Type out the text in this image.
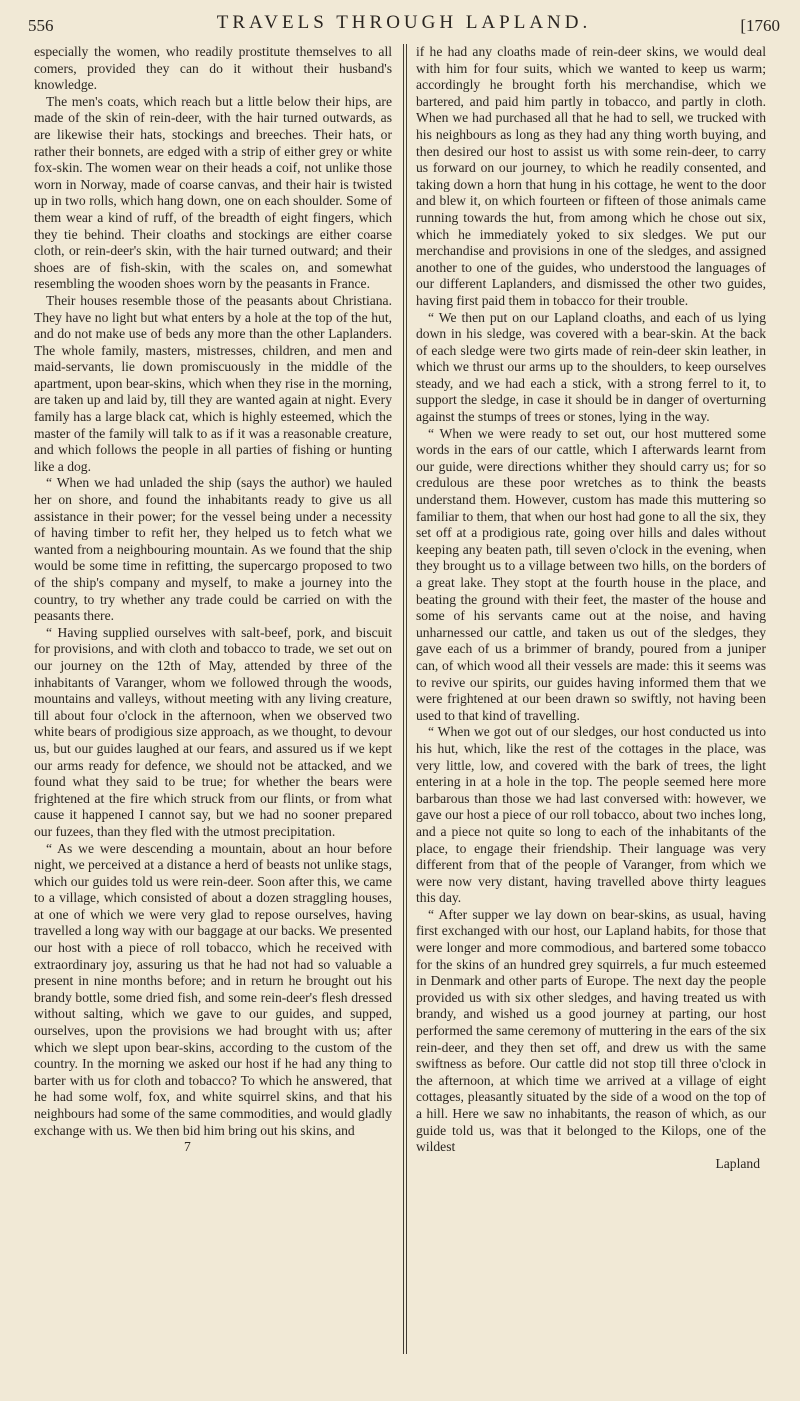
556	TRAVELS THROUGH LAPLAND.	[1760

especially the women, who readily prostitute themselves to all comers, provided they can do it without their husband's knowledge.

The men's coats, which reach but a little below their hips, are made of the skin of rein-deer, with the hair turned outwards, as are likewise their hats, stockings and breeches. Their hats, or rather their bonnets, are edged with a strip of either grey or white fox-skin. The women wear on their heads a coif, not unlike those worn in Norway, made of coarse canvas, and their hair is twisted up in two rolls, which hang down, one on each shoulder. Some of them wear a kind of ruff, of the breadth of eight fingers, which they tie behind. Their cloaths and stockings are either coarse cloth, or rein-deer's skin, with the hair turned outward; and their shoes are of fish-skin, with the scales on, and somewhat resembling the wooden shoes worn by the peasants in France.

Their houses resemble those of the peasants about Christiana. They have no light but what enters by a hole at the top of the hut, and do not make use of beds any more than the other Laplanders. The whole family, masters, mistresses, children, and men and maid-servants, lie down promiscuously in the middle of the apartment, upon bear-skins, which when they rise in the morning, are taken up and laid by, till they are wanted again at night. Every family has a large black cat, which is highly esteemed, which the master of the family will talk to as if it was a reasonable creature, and which follows the people in all parties of fishing or hunting like a dog.

“ When we had unladed the ship (says the author) we hauled her on shore, and found the inhabitants ready to give us all assistance in their power; for the vessel being under a necessity of having timber to refit her, they helped us to fetch what we wanted from a neighbouring mountain. As we found that the ship would be some time in refitting, the supercargo proposed to two of the ship's company and myself, to make a journey into the country, to try whether any trade could be carried on with the peasants there.

“ Having supplied ourselves with salt-beef, pork, and biscuit for provisions, and with cloth and tobacco to trade, we set out on our journey on the 12th of May, attended by three of the inhabitants of Varanger, whom we followed through the woods, mountains and valleys, without meeting with any living creature, till about four o'clock in the afternoon, when we observed two white bears of prodigious size approach, as we thought, to devour us, but our guides laughed at our fears, and assured us if we kept our arms ready for defence, we should not be attacked, and we found what they said to be true; for whether the bears were frightened at the fire which struck from our flints, or from what cause it happened I cannot say, but we had no sooner prepared our fuzees, than they fled with the utmost precipitation.

“ As we were descending a mountain, about an hour before night, we perceived at a distance a herd of beasts not unlike stags, which our guides told us were rein-deer. Soon after this, we came to a village, which consisted of about a dozen straggling houses, at one of which we were very glad to repose ourselves, having travelled a long way with our baggage at our backs. We presented our host with a piece of roll tobacco, which he received with extraordinary joy, assuring us that he had not had so valuable a present in nine months before; and in return he brought out his brandy bottle, some dried fish, and some rein-deer's flesh dressed without salting, which we gave to our guides, and supped, ourselves, upon the provisions we had brought with us; after which we slept upon bear-skins, according to the custom of the country. In the morning we asked our host if he had any thing to barter with us for cloth and tobacco? To which he answered, that he had some wolf, fox, and white squirrel skins, and that his neighbours had some of the same commodities, and would gladly exchange with us. We then bid him bring out his skins, and

7

if he had any cloaths made of rein-deer skins, we would deal with him for four suits, which we wanted to keep us warm; accordingly he brought forth his merchandise, which we bartered, and paid him partly in tobacco, and partly in cloth. When we had purchased all that he had to sell, we trucked with his neighbours as long as they had any thing worth buying, and then desired our host to assist us with some rein-deer, to carry us forward on our journey, to which he readily consented, and taking down a horn that hung in his cottage, he went to the door and blew it, on which fourteen or fifteen of those animals came running towards the hut, from among which he chose out six, which he immediately yoked to six sledges. We put our merchandise and provisions in one of the sledges, and assigned another to one of the guides, who understood the languages of our different Laplanders, and dismissed the other two guides, having first paid them in tobacco for their trouble.

“ We then put on our Lapland cloaths, and each of us lying down in his sledge, was covered with a bear-skin. At the back of each sledge were two girts made of rein-deer skin leather, in which we thrust our arms up to the shoulders, to keep ourselves steady, and we had each a stick, with a strong ferrel to it, to support the sledge, in case it should be in danger of overturning against the stumps of trees or stones, lying in the way.

“ When we were ready to set out, our host muttered some words in the ears of our cattle, which I afterwards learnt from our guide, were directions whither they should carry us; for so credulous are these poor wretches as to think the beasts understand them. However, custom has made this muttering so familiar to them, that when our host had gone to all the six, they set off at a prodigious rate, going over hills and dales without keeping any beaten path, till seven o'clock in the evening, when they brought us to a village between two hills, on the borders of a great lake. They stopt at the fourth house in the place, and beating the ground with their feet, the master of the house and some of his servants came out at the noise, and having unharnessed our cattle, and taken us out of the sledges, they gave each of us a brimmer of brandy, poured from a juniper can, of which wood all their vessels are made: this it seems was to revive our spirits, our guides having informed them that we were frightened at our been drawn so swiftly, not having been used to that kind of travelling.

“ When we got out of our sledges, our host conducted us into his hut, which, like the rest of the cottages in the place, was very little, low, and covered with the bark of trees, the light entering in at a hole in the top. The people seemed here more barbarous than those we had last conversed with: however, we gave our host a piece of our roll tobacco, about two inches long, and a piece not quite so long to each of the inhabitants of the place, to engage their friendship. Their language was very different from that of the people of Varanger, from which we were now very distant, having travelled above thirty leagues this day.

“ After supper we lay down on bear-skins, as usual, having first exchanged with our host, our Lapland habits, for those that were longer and more commodious, and bartered some tobacco for the skins of an hundred grey squirrels, a fur much esteemed in Denmark and other parts of Europe. The next day the people provided us with six other sledges, and having treated us with brandy, and wished us a good journey at parting, our host performed the same ceremony of muttering in the ears of the six rein-deer, and they then set off, and drew us with the same swiftness as before. Our cattle did not stop till three o'clock in the afternoon, at which time we arrived at a village of eight cottages, pleasantly situated by the side of a wood on the top of a hill. Here we saw no inhabitants, the reason of which, as our guide told us, was that it belonged to the Kilops, one of the wildest

Lapland
